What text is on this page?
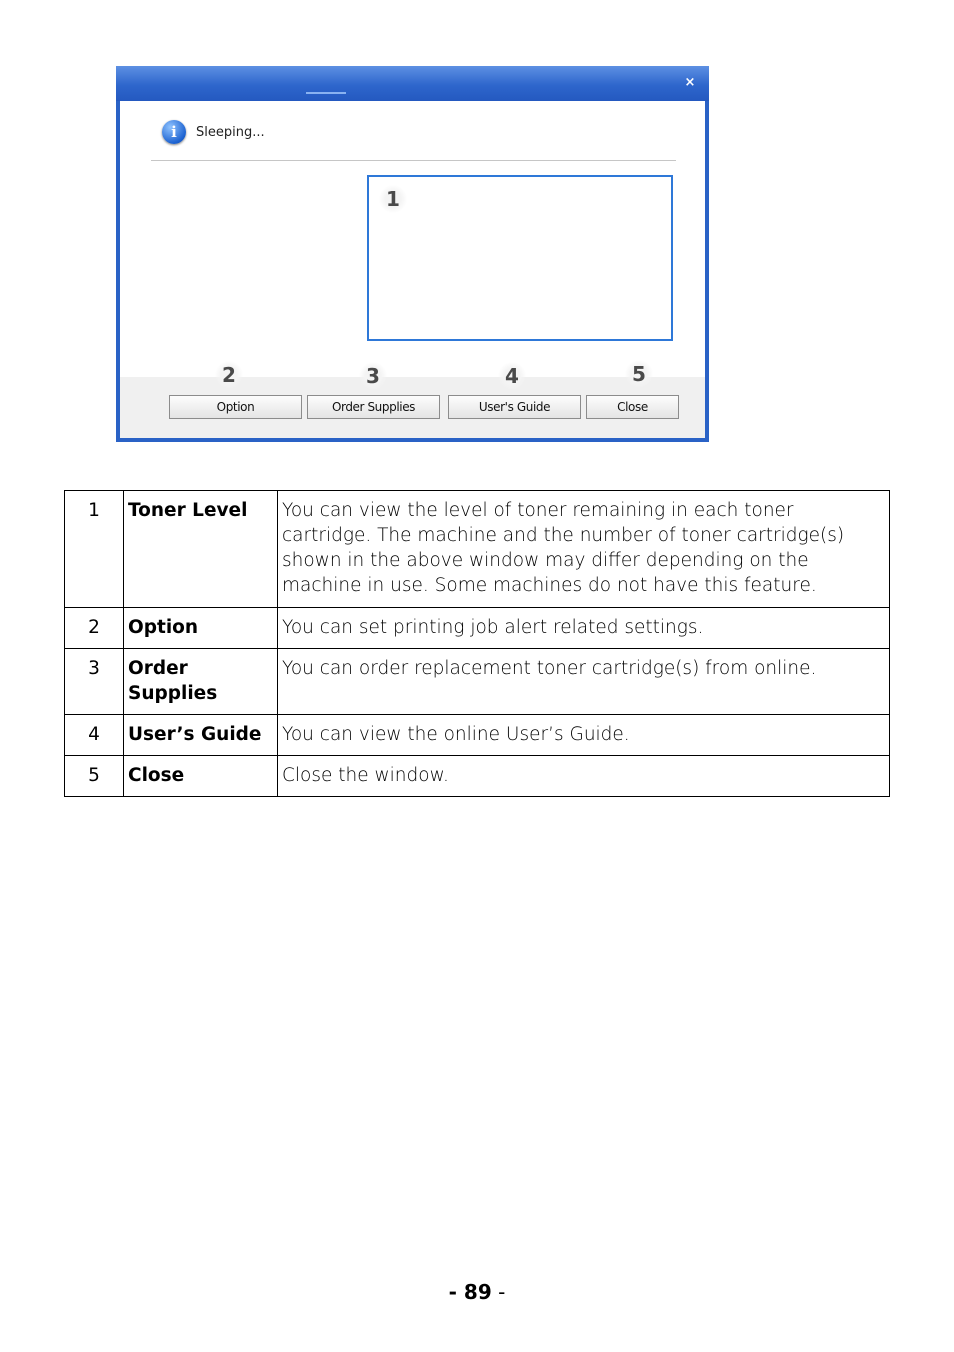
×
i	Sleeping...
1
2	3	4	5
Option	Order Supplies	User's Guide	Close
1	Toner Level	You can view the level of toner remaining in each toner cartridge. The machine and the number of toner cartridge(s) shown in the above window may differ depending on the machine in use. Some machines do not have this feature.
2	Option	You can set printing job alert related settings.
3	Order Supplies	You can order replacement toner cartridge(s) from online.
4	User’s Guide	You can view the online User’s Guide.
5	Close	Close the window.
- 89 -
